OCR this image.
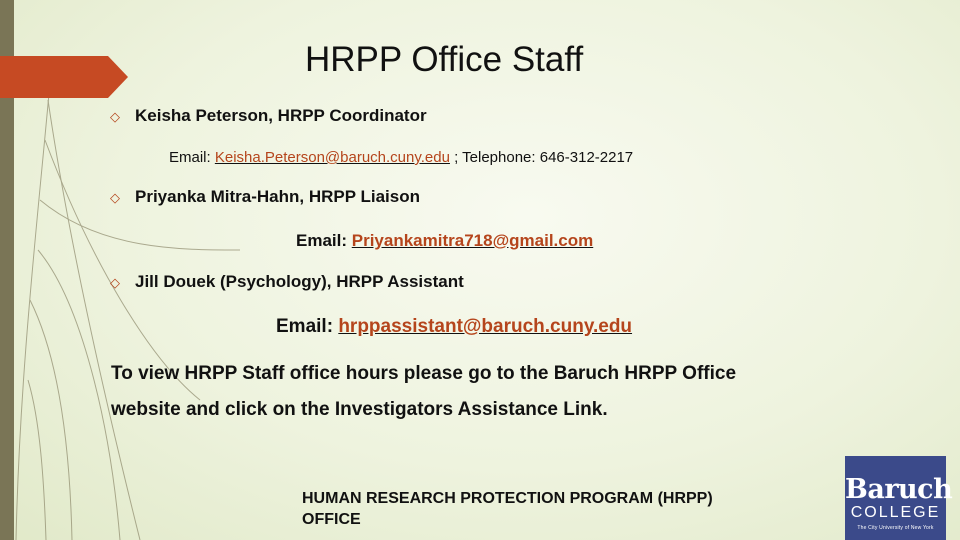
HRPP Office Staff
◇ Keisha Peterson, HRPP Coordinator
Email: Keisha.Peterson@baruch.cuny.edu ; Telephone: 646-312-2217
◇ Priyanka Mitra-Hahn, HRPP Liaison
Email: Priyankamitra718@gmail.com
◇ Jill Douek (Psychology), HRPP Assistant
Email: hrppassistant@baruch.cuny.edu
To view HRPP Staff office hours please go to the Baruch HRPP Office
website and click on the Investigators Assistance Link.
HUMAN RESEARCH PROTECTION PROGRAM (HRPP)
OFFICE
Baruch
COLLEGE
The City University of New York
